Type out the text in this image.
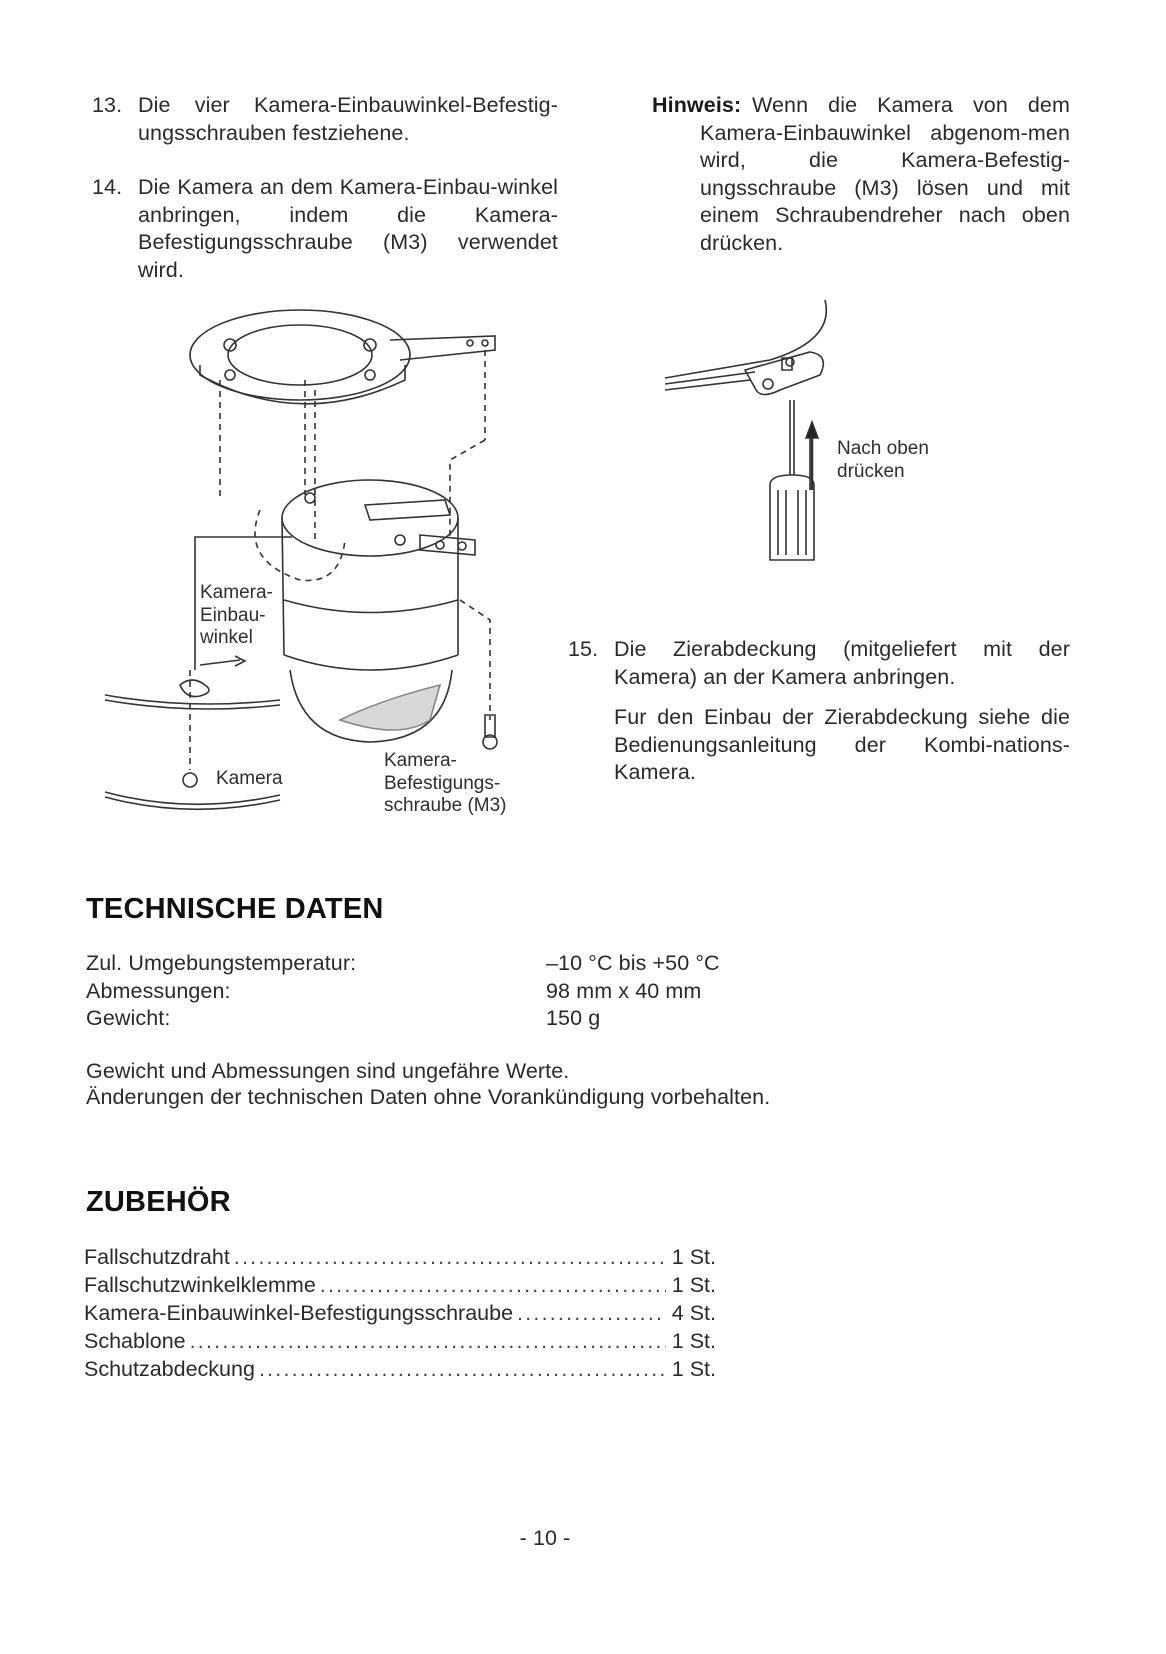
13. Die vier Kamera-Einbauwinkel-Befestig-ungsschrauben festziehene.
14. Die Kamera an dem Kamera-Einbau-winkel anbringen, indem die Kamera-Befestigungsschraube (M3) verwendet wird.
Hinweis: Wenn die Kamera von dem Kamera-Einbauwinkel abgenom-men wird, die Kamera-Befestig-ungsschraube (M3) lösen und mit einem Schraubendreher nach oben drücken.
Kamera-Einbau-winkel
Kamera
Kamera-Befestigungs-schraube (M3)
Nach oben drücken
15. Die Zierabdeckung (mitgeliefert mit der Kamera) an der Kamera anbringen.
Fur den Einbau der Zierabdeckung siehe die Bedienungsanleitung der Kombi-nations-Kamera.
TECHNISCHE DATEN
Zul. Umgebungstemperatur:	–10 °C bis +50 °C
Abmessungen:	98 mm x 40 mm
Gewicht:	150 g
Gewicht und Abmessungen sind ungefähre Werte.
Änderungen der technischen Daten ohne Vorankündigung vorbehalten.
ZUBEHÖR
Fallschutzdraht .....	1 St.
Fallschutzwinkelklemme .....	1 St.
Kamera-Einbauwinkel-Befestigungsschraube .....	4 St.
Schablone .....	1 St.
Schutzabdeckung .....	1 St.
- 10 -
